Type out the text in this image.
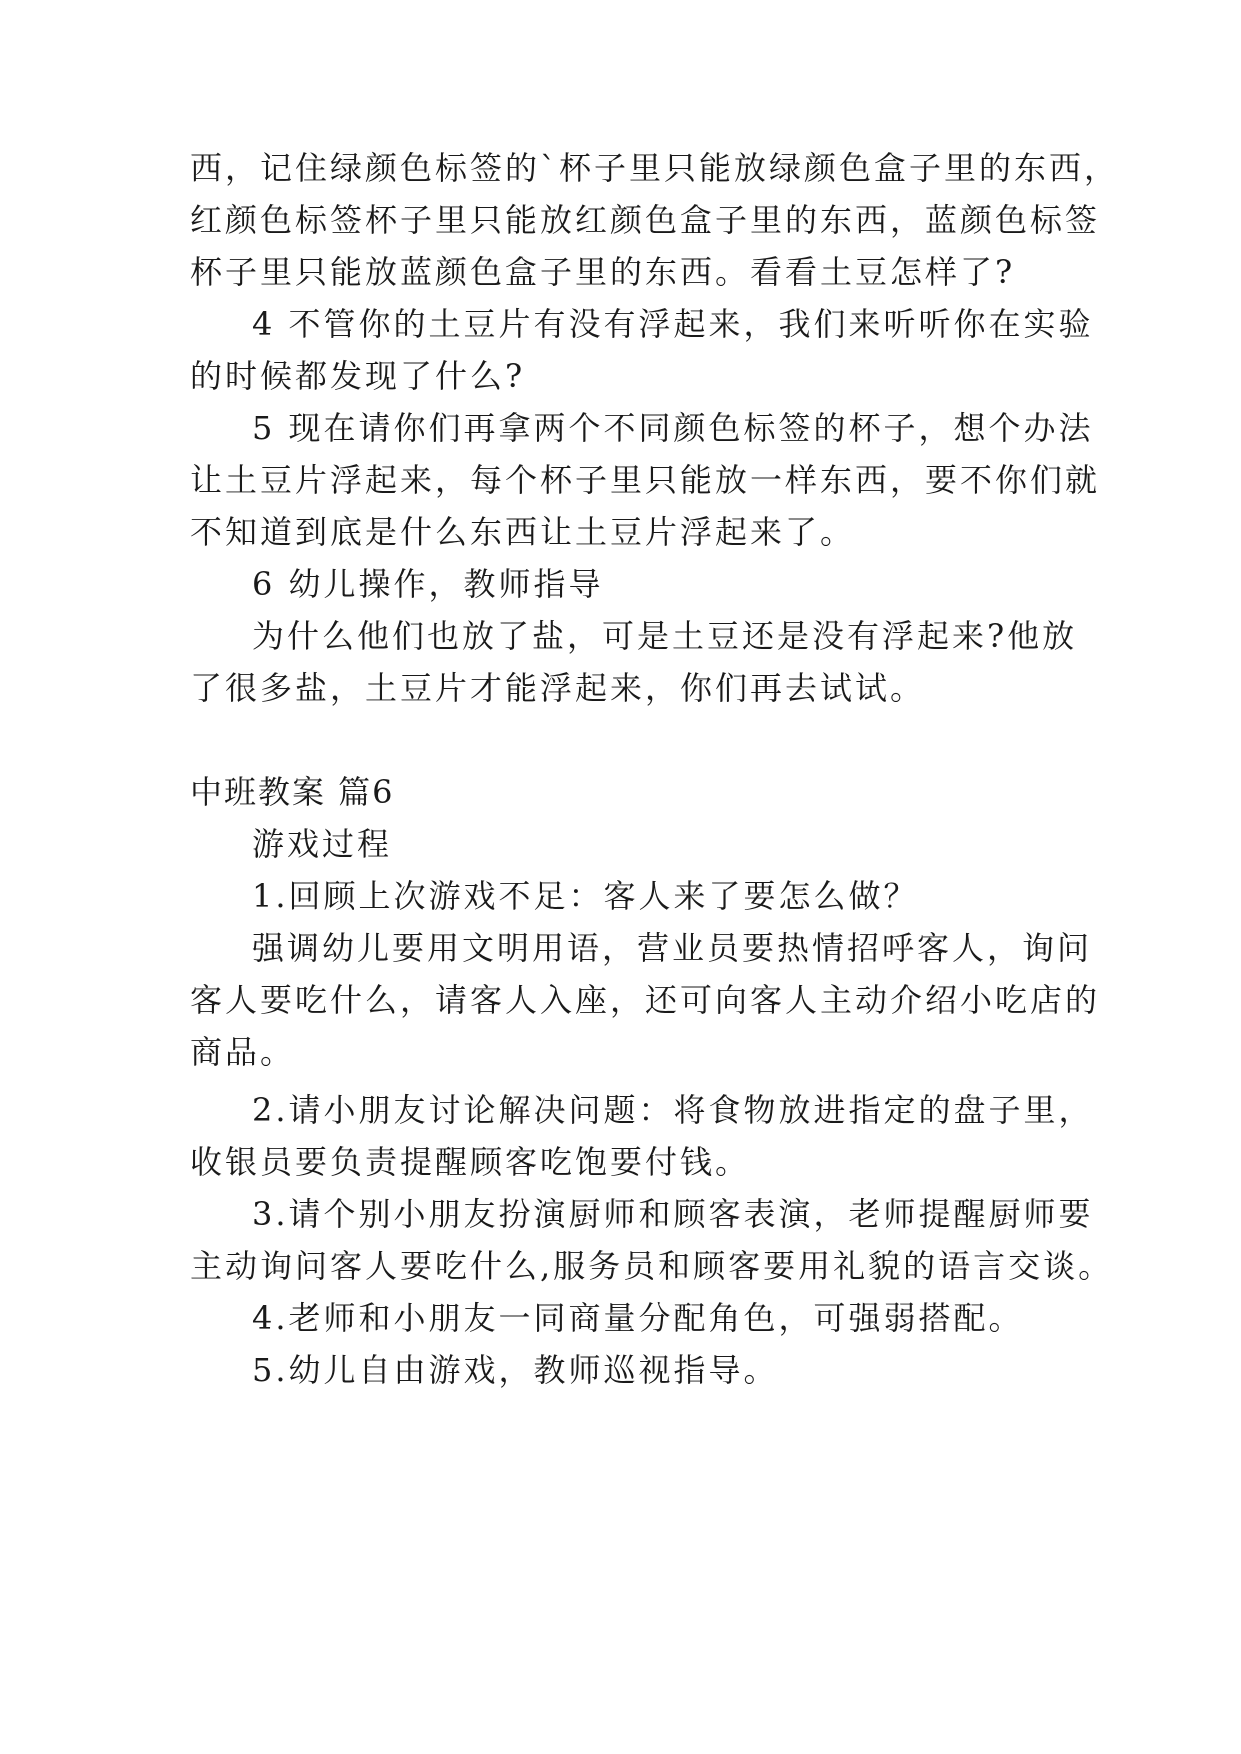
西，记住绿颜色标签的`杯子里只能放绿颜色盒子里的东西，
红颜色标签杯子里只能放红颜色盒子里的东西，蓝颜色标签
杯子里只能放蓝颜色盒子里的东西。看看土豆怎样了?
4 不管你的土豆片有没有浮起来，我们来听听你在实验
的时候都发现了什么?
5 现在请你们再拿两个不同颜色标签的杯子，想个办法
让土豆片浮起来，每个杯子里只能放一样东西，要不你们就
不知道到底是什么东西让土豆片浮起来了。
6 幼儿操作，教师指导
为什么他们也放了盐，可是土豆还是没有浮起来?他放
了很多盐，土豆片才能浮起来，你们再去试试。
中班教案 篇6
游戏过程
1.回顾上次游戏不足：客人来了要怎么做？
强调幼儿要用文明用语，营业员要热情招呼客人，询问
客人要吃什么，请客人入座，还可向客人主动介绍小吃店的
商品。
2.请小朋友讨论解决问题：将食物放进指定的盘子里，
收银员要负责提醒顾客吃饱要付钱。
3.请个别小朋友扮演厨师和顾客表演，老师提醒厨师要
主动询问客人要吃什么,服务员和顾客要用礼貌的语言交谈。
4.老师和小朋友一同商量分配角色，可强弱搭配。
5.幼儿自由游戏，教师巡视指导。
